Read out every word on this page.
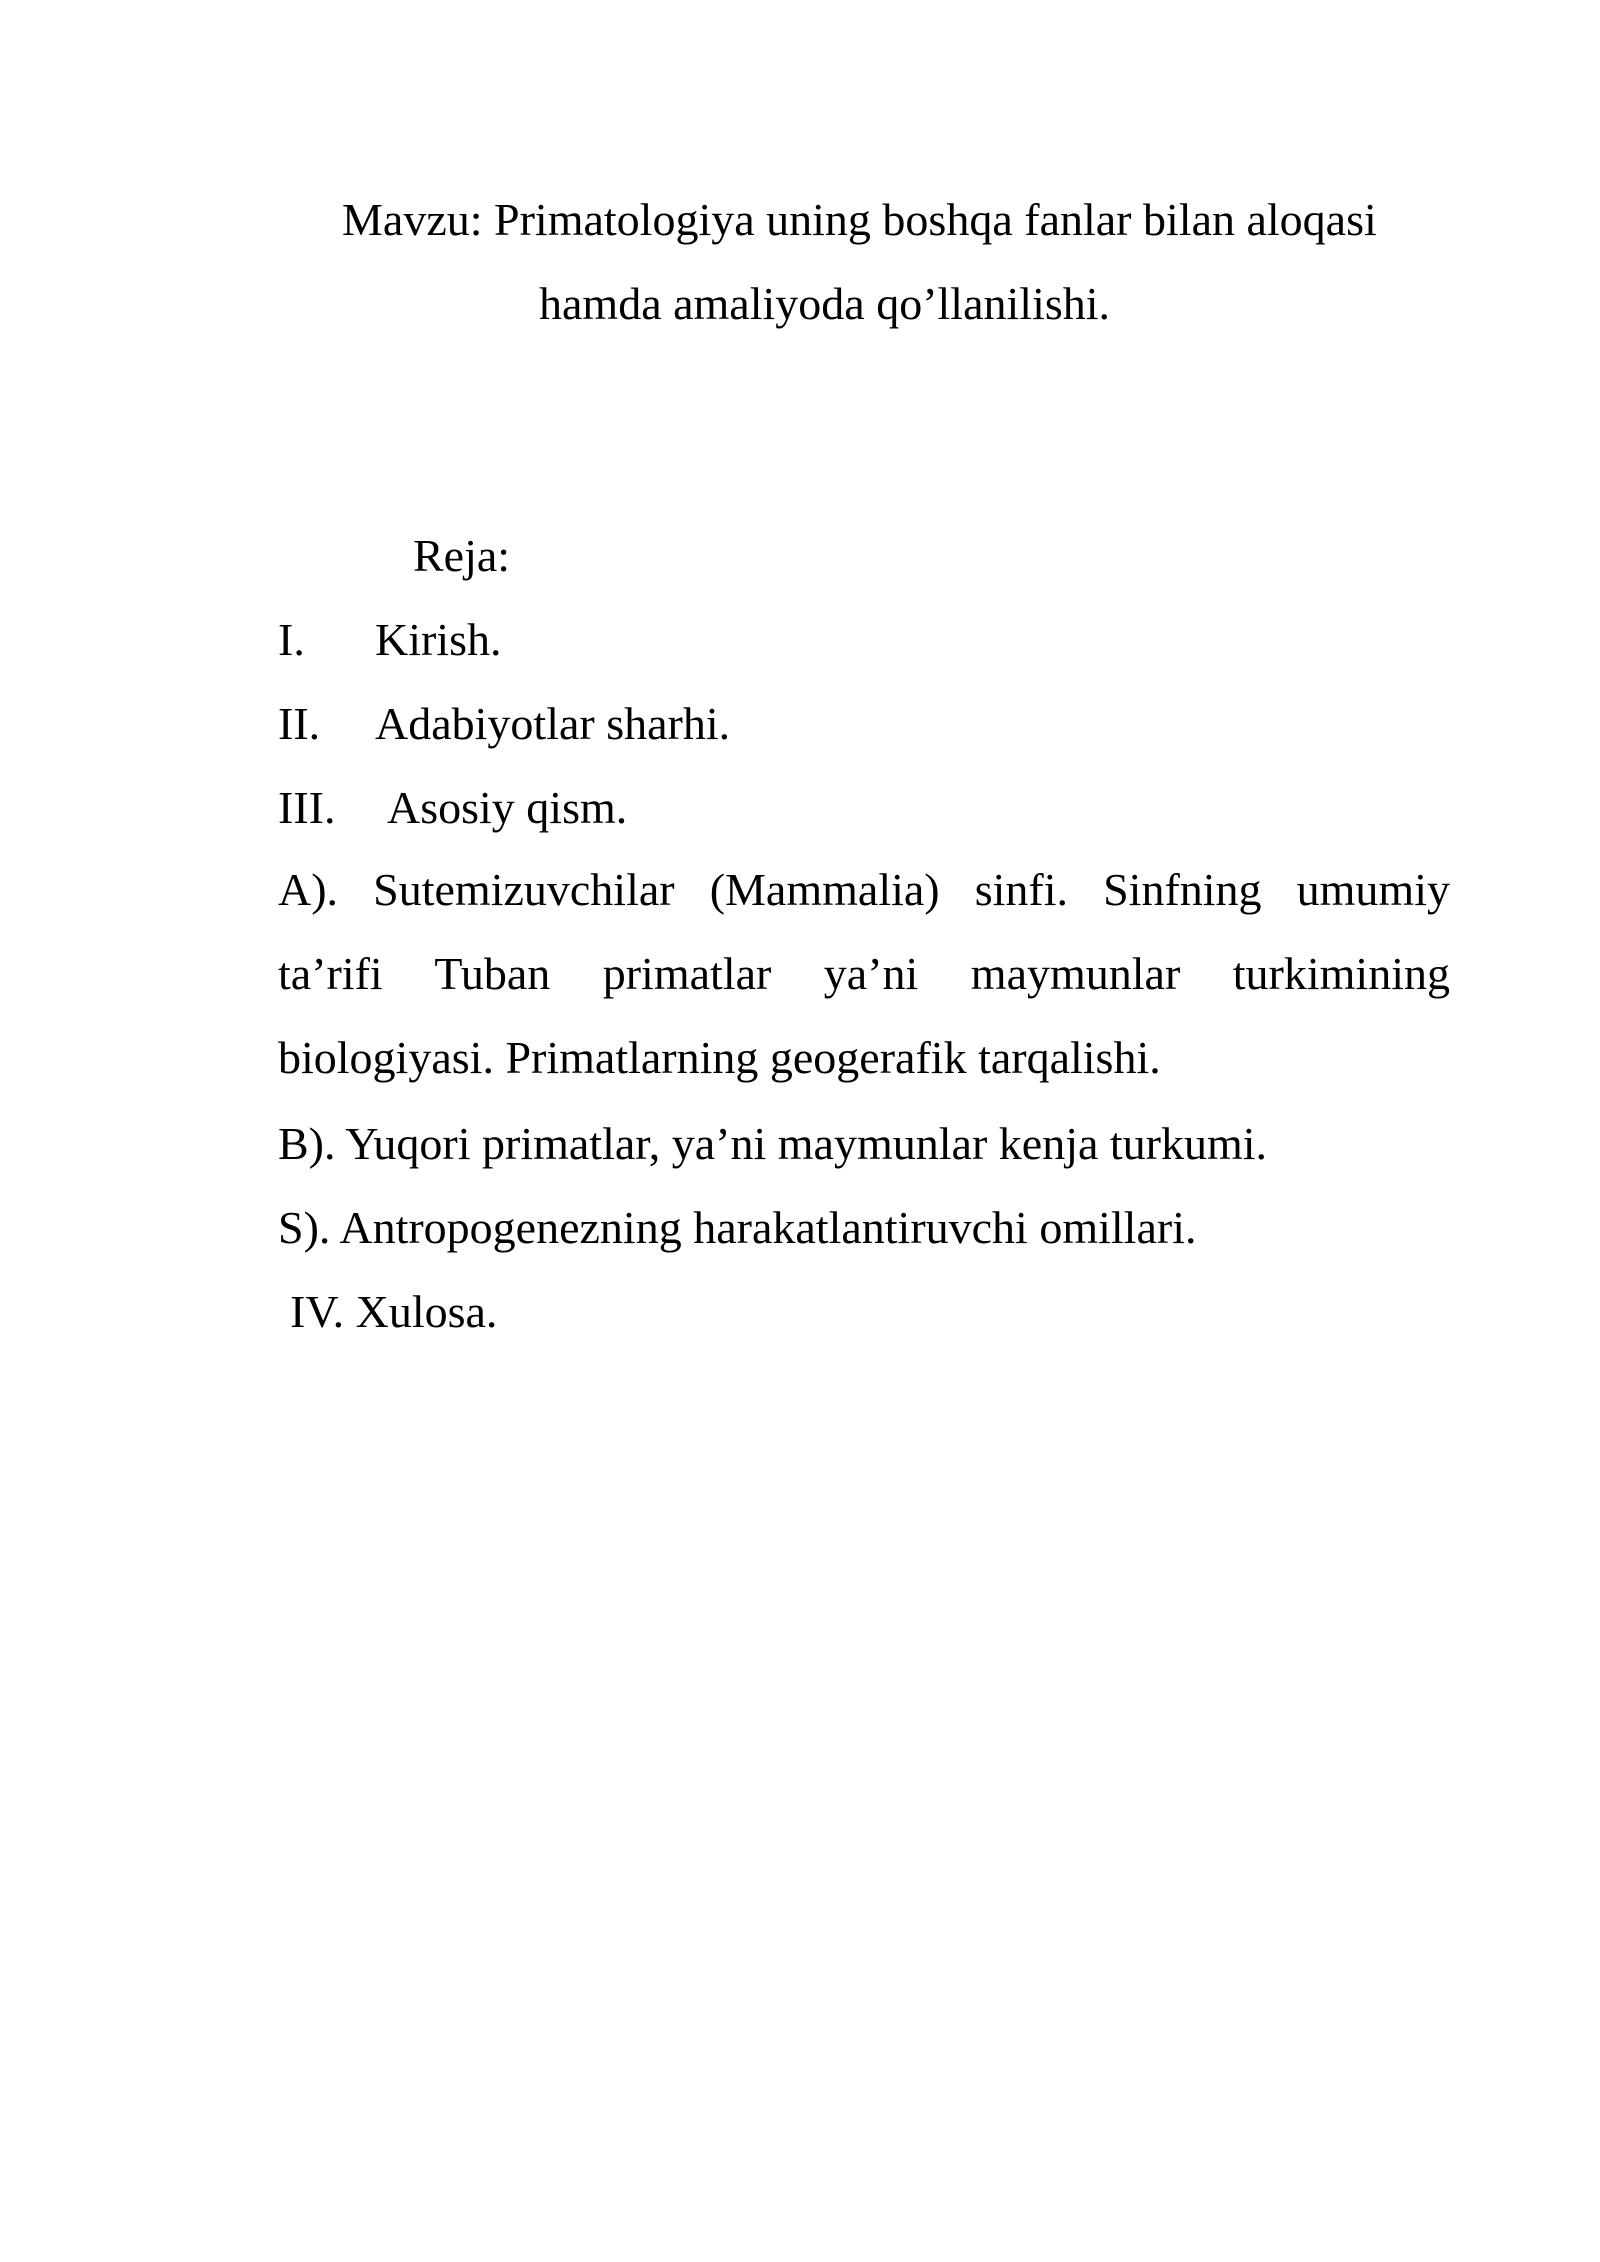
Mavzu: Primatologiya uning boshqa fanlar bilan aloqasi
hamda amaliyoda qo’llanilishi.
Reja:
I. Kirish.
II. Adabiyotlar sharhi.
III. Asosiy qism.
A). Sutemizuvchilar (Mammalia) sinfi. Sinfning umumiy
ta’rifi Tuban primatlar ya’ni maymunlar turkimining
biologiyasi. Primatlarning geogerafik tarqalishi.
B). Yuqori primatlar, ya’ni maymunlar kenja turkumi.
S). Antropogenezning harakatlantiruvchi omillari.
IV. Xulosa.
